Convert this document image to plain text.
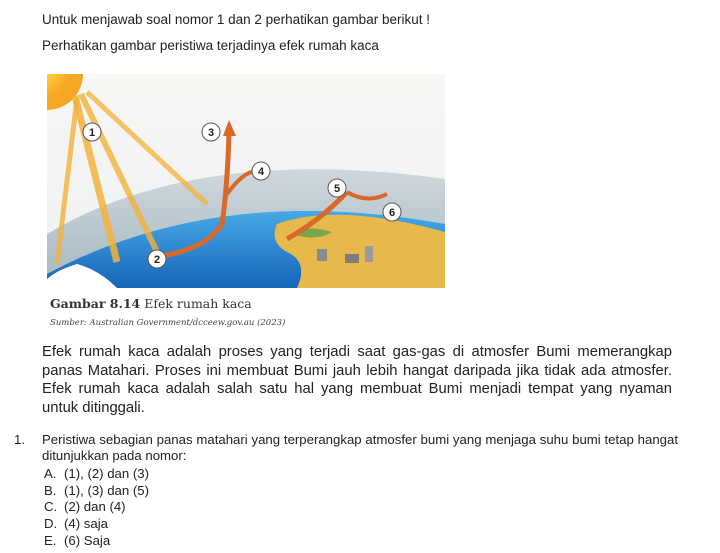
Untuk menjawab soal nomor 1 dan 2 perhatikan gambar berikut !
Perhatikan gambar peristiwa terjadinya efek rumah kaca
1	3
4
5
6
2
Gambar 8.14 Efek rumah kaca
Sumber: Australian Government/dcceew.gov.au (2023)
Efek rumah kaca adalah proses yang terjadi saat gas-gas di atmosfer Bumi memerangkap panas Matahari. Proses ini membuat Bumi jauh lebih hangat daripada jika tidak ada atmosfer. Efek rumah kaca adalah salah satu hal yang membuat Bumi menjadi tempat yang nyaman untuk ditinggali.
1. Peristiwa sebagian panas matahari yang terperangkap atmosfer bumi yang menjaga suhu bumi tetap hangat ditunjukkan pada nomor:
A. (1), (2) dan (3)
B. (1), (3) dan (5)
C. (2) dan (4)
D. (4) saja
E. (6) Saja
